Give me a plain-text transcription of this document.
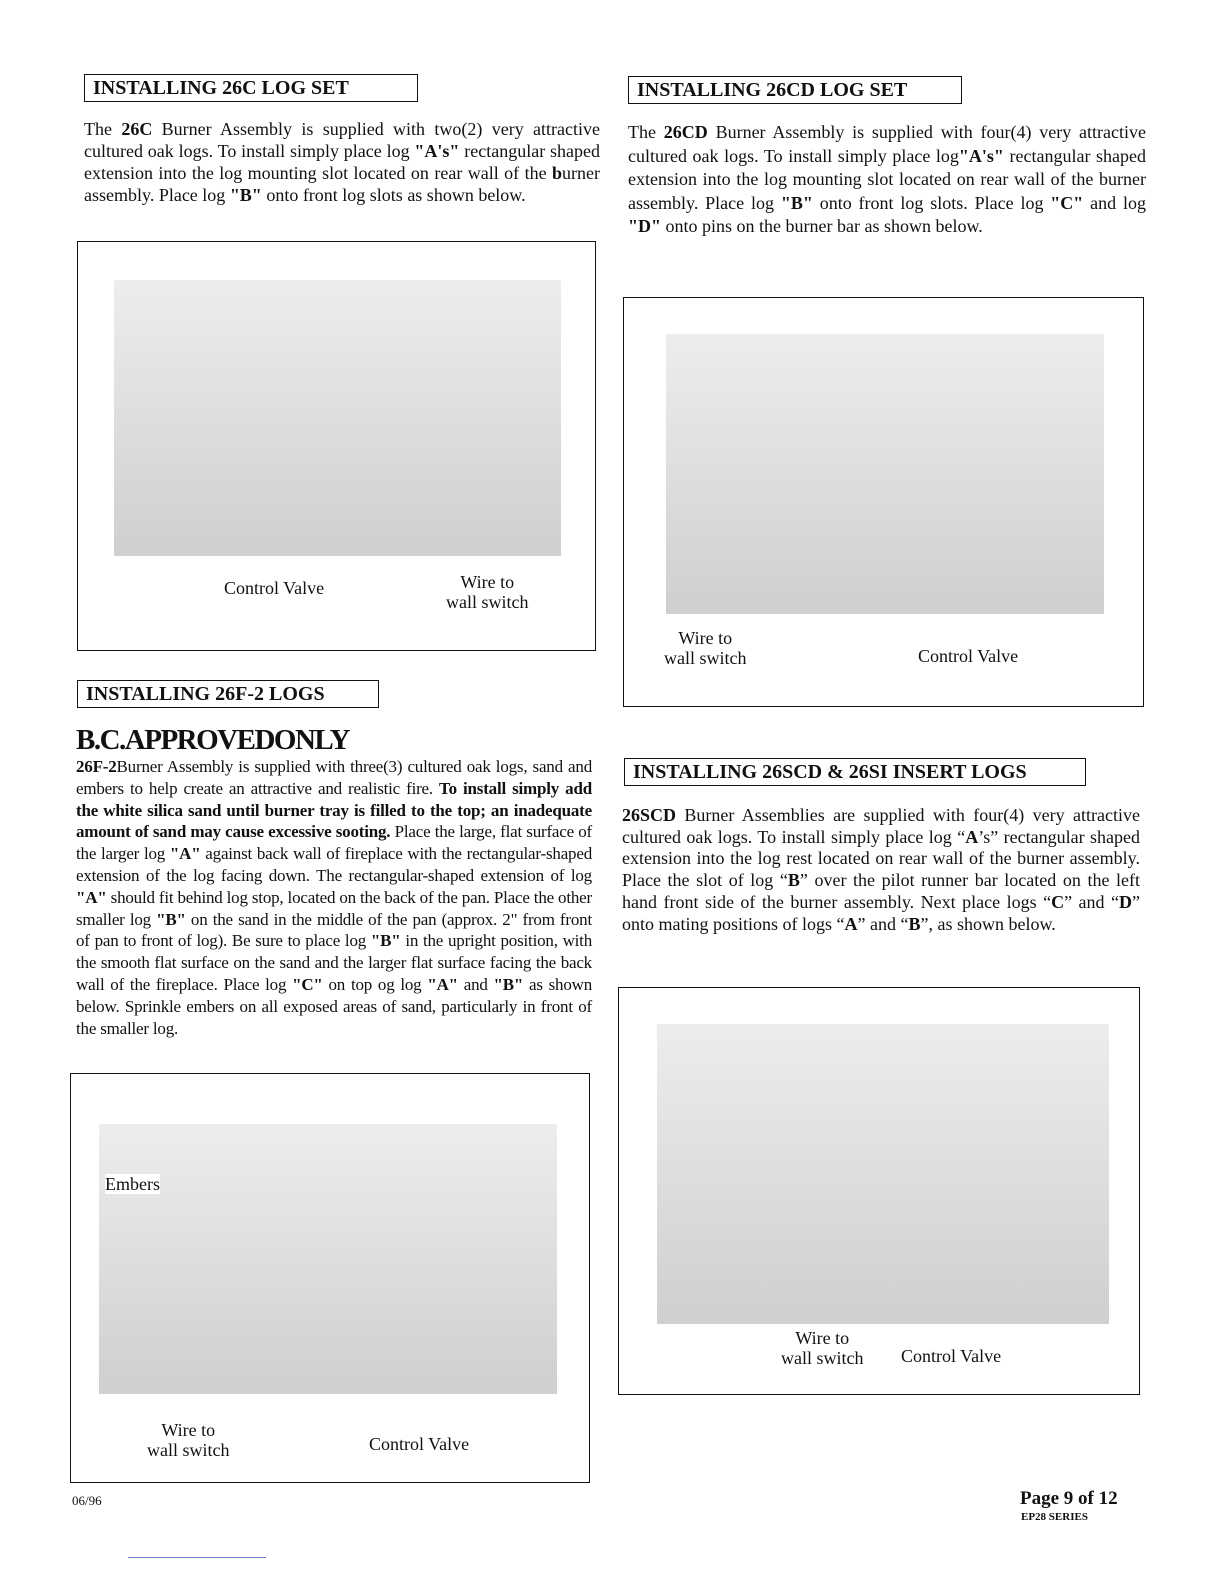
INSTALLING 26C LOG SET

The 26C Burner Assembly is supplied with two(2) very attractive cultured oak logs. To install simply place log "A's" rectangular shaped extension into the log mounting slot located on rear wall of the burner assembly. Place log "B" onto front log slots as shown below.

Control Valve	Wire to
wall switch
INSTALLING 26CD LOG SET

The 26CD Burner Assembly is supplied with four(4) very attractive cultured oak logs. To install simply place log"A's" rectangular shaped extension into the log mounting slot located on rear wall of the burner assembly. Place log "B" onto front log slots. Place log "C" and log "D" onto pins on the burner bar as shown below.

Wire to
wall switch	Control Valve
INSTALLING 26F-2 LOGS
B.C.APPROVEDONLY

26F-2Burner Assembly is supplied with three(3) cultured oak logs, sand and embers to help create an attractive and realistic fire. To install simply add the white silica sand until burner tray is filled to the top; an inadequate amount of sand may cause excessive sooting. Place the large, flat surface of the larger log "A" against back wall of fireplace with the rectangular-shaped extension of the log facing down. The rectangular-shaped extension of log "A" should fit behind log stop, located on the back of the pan. Place the other smaller log "B" on the sand in the middle of the pan (approx. 2" from front of pan to front of log). Be sure to place log "B" in the upright position, with the smooth flat surface on the sand and the larger flat surface facing the back wall of the fireplace. Place log "C" on top og log "A" and "B" as shown below. Sprinkle embers on all exposed areas of sand, particularly in front of the smaller log.

Embers
Wire to
wall switch	Control Valve
INSTALLING 26SCD & 26SI INSERT LOGS

26SCD Burner Assemblies are supplied with four(4) very attractive cultured oak logs. To install simply place log “A’s” rectangular shaped extension into the log rest located on rear wall of the burner assembly. Place the slot of log “B” over the pilot runner bar located on the left hand front side of the burner assembly. Next place logs “C” and “D” onto mating positions of logs “A” and “B”, as shown below.

Wire to
wall switch Control Valve
06/96	Page 9 of 12
EP28 SERIES
